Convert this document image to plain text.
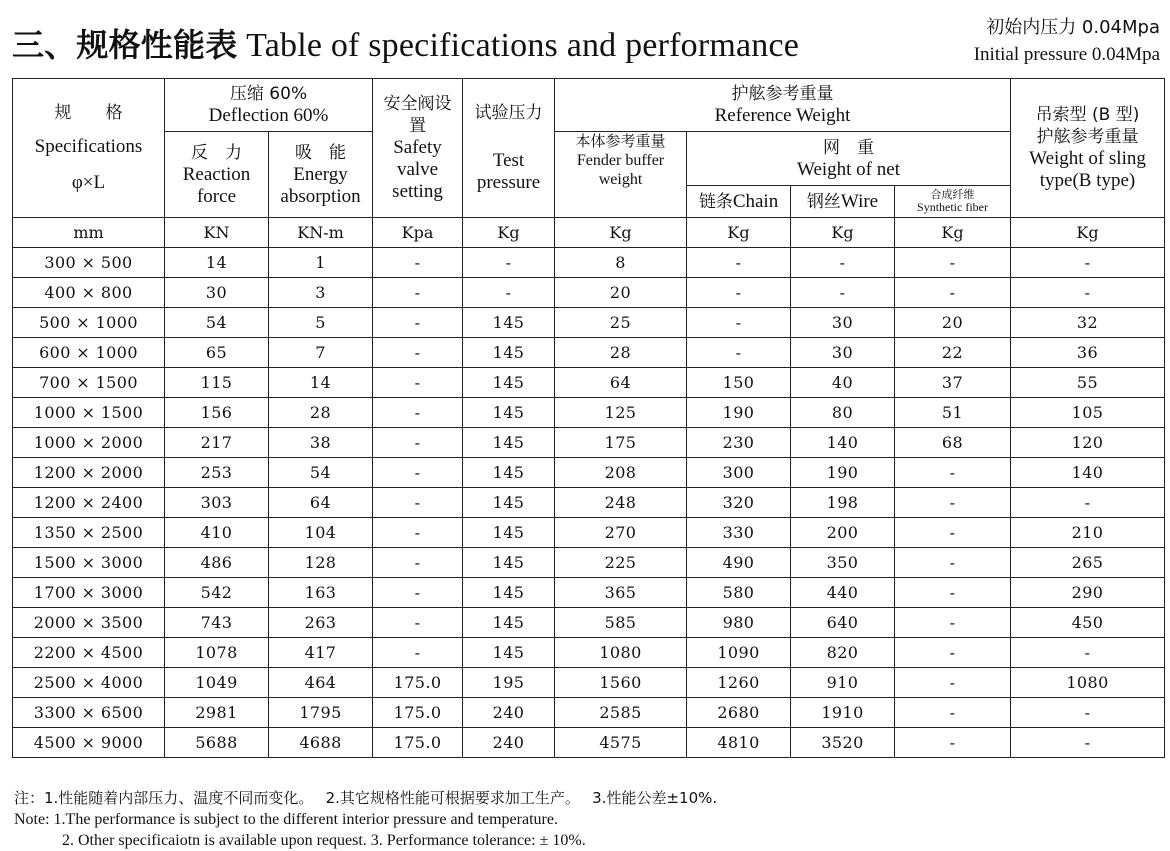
三、规格性能表 Table of specifications and performance	初始内压力 0.04Mpa
Initial pressure 0.04Mpa
规　　格
Specifications
φ×L	压缩 60%
Deflection 60%		安全阀设置
Safety
valve
setting	试验压力
Test
pressure	护舷参考重量
Reference Weight				吊索型 (B 型)
护舷参考重量
Weight of sling
type(B type)

	反　力
Reaction
force	吸　能
Energy
absorption			本体参考重量
Fender buffer
weight	网　重
Weight of net			

						链条Chain	钢丝Wire	合成纤维
Synthetic fiber	

mm	KN	KN-m	Kpa	Kg	Kg	Kg	Kg	Kg	Kg
300 × 500	14	1	-	-	8	-	-	-	-
400 × 800	30	3	-	-	20	-	-	-	-
500 × 1000	54	5	-	145	25	-	30	20	32
600 × 1000	65	7	-	145	28	-	30	22	36
700 × 1500	115	14	-	145	64	150	40	37	55
1000 × 1500	156	28	-	145	125	190	80	51	105
1000 × 2000	217	38	-	145	175	230	140	68	120
1200 × 2000	253	54	-	145	208	300	190	-	140
1200 × 2400	303	64	-	145	248	320	198	-	-
1350 × 2500	410	104	-	145	270	330	200	-	210
1500 × 3000	486	128	-	145	225	490	350	-	265
1700 × 3000	542	163	-	145	365	580	440	-	290
2000 × 3500	743	263	-	145	585	980	640	-	450
2200 × 4500	1078	417	-	145	1080	1090	820	-	-
2500 × 4000	1049	464	175.0	195	1560	1260	910	-	1080
3300 × 6500	2981	1795	175.0	240	2585	2680	1910	-	-
4500 × 9000	5688	4688	175.0	240	4575	4810	3520	-	-
注：1.性能随着内部压力、温度不同而变化。　 2.其它规格性能可根据要求加工生产。　 3.性能公差±10%.
Note: 1.The performance is subject to the different interior pressure and temperature.
2. Other specificaiotn is available upon request. 3. Performance tolerance: ± 10%.
